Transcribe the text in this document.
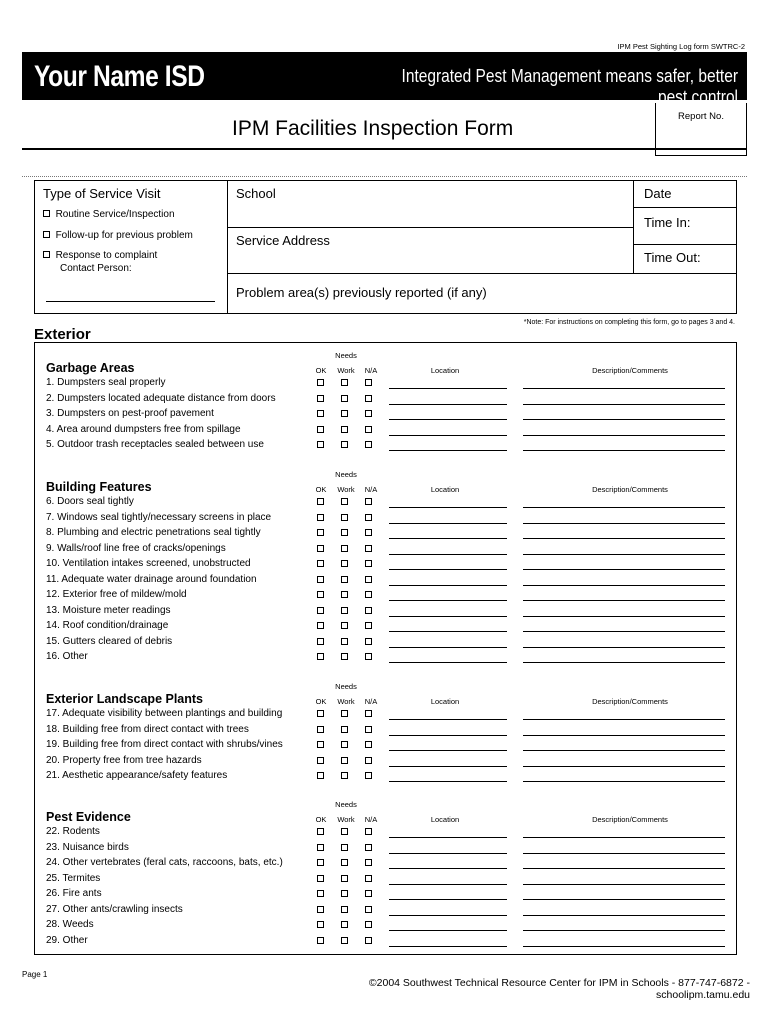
IPM Pest Sighting Log form SWTRC-2
Your Name ISD	Integrated Pest Management means safer, better pest control
Report No.
IPM Facilities Inspection Form
Type of Service Visit
Routine Service/Inspection
Follow-up for previous problem
Response to complaint
Contact Person:
School
Service Address
Date
Time In:
Time Out:
Problem area(s) previously reported (if any)
*Note: For instructions on completing this form, go to pages 3 and 4.
Exterior
Needs
Garbage Areas	OK	Work	N/A	Location	Description/Comments
1. Dumpsters seal properly
2. Dumpsters located adequate distance from doors
3. Dumpsters on pest-proof pavement
4. Area around dumpsters free from spillage
5. Outdoor trash receptacles sealed between use
Needs
Building Features	OK	Work	N/A	Location	Description/Comments
6. Doors seal tightly
7. Windows seal tightly/necessary screens in place
8. Plumbing and electric penetrations seal tightly
9. Walls/roof line free of cracks/openings
10. Ventilation intakes screened, unobstructed
11. Adequate water drainage around foundation
12. Exterior free of mildew/mold
13. Moisture meter readings
14. Roof condition/drainage
15. Gutters cleared of debris
16. Other
Needs
Exterior Landscape Plants	OK	Work	N/A	Location	Description/Comments
17. Adequate visibility between plantings and building
18. Building free from direct contact with trees
19. Building free from direct contact with shrubs/vines
20. Property free from tree hazards
21. Aesthetic appearance/safety features
Needs
Pest Evidence	OK	Work	N/A	Location	Description/Comments
22. Rodents
23. Nuisance birds
24. Other vertebrates (feral cats, raccoons, bats, etc.)
25. Termites
26. Fire ants
27. Other ants/crawling insects
28. Weeds
29. Other
Page 1
©2004 Southwest Technical Resource Center for IPM in Schools - 877-747-6872 - schoolipm.tamu.edu
